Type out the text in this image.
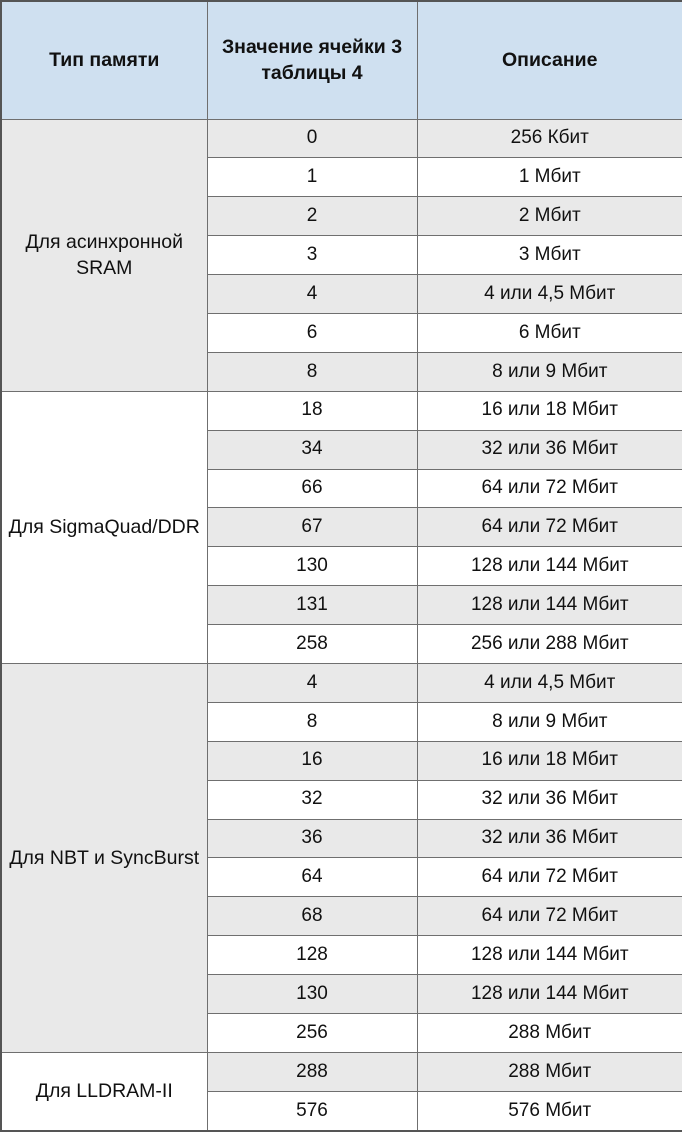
Тип памяти	Значение ячейки 3 таблицы 4	Описание
Для асинхронной SRAM	0	256 Кбит
	1	1 Мбит
	2	2 Мбит
	3	3 Мбит
	4	4 или 4,5 Мбит
	6	6 Мбит
	8	8 или 9 Мбит
Для SigmaQuad/DDR	18	16 или 18 Мбит
	34	32 или 36 Мбит
	66	64 или 72 Мбит
	67	64 или 72 Мбит
	130	128 или 144 Мбит
	131	128 или 144 Мбит
	258	256 или 288 Мбит
Для NBT и SyncBurst	4	4 или 4,5 Мбит
	8	8 или 9 Мбит
	16	16 или 18 Мбит
	32	32 или 36 Мбит
	36	32 или 36 Мбит
	64	64 или 72 Мбит
	68	64 или 72 Мбит
	128	128 или 144 Мбит
	130	128 или 144 Мбит
	256	288 Мбит
Для LLDRAM-II	288	288 Мбит
	576	576 Мбит
